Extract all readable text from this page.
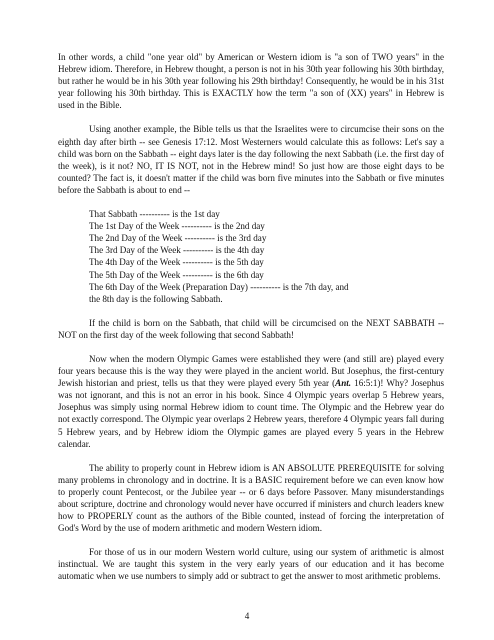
In other words, a child "one year old" by American or Western idiom is "a son of TWO years" in the Hebrew idiom. Therefore, in Hebrew thought, a person is not in his 30th year following his 30th birthday, but rather he would be in his 30th year following his 29th birthday! Consequently, he would be in his 31st year following his 30th birthday. This is EXACTLY how the term "a son of (XX) years" in Hebrew is used in the Bible.

Using another example, the Bible tells us that the Israelites were to circumcise their sons on the eighth day after birth -- see Genesis 17:12. Most Westerners would calculate this as follows: Let's say a child was born on the Sabbath -- eight days later is the day following the next Sabbath (i.e. the first day of the week), is it not? NO, IT IS NOT, not in the Hebrew mind! So just how are those eight days to be counted? The fact is, it doesn't matter if the child was born five minutes into the Sabbath or five minutes before the Sabbath is about to end --

That Sabbath ---------- is the 1st day
The 1st Day of the Week ---------- is the 2nd day
The 2nd Day of the Week ---------- is the 3rd day
The 3rd Day of the Week ---------- is the 4th day
The 4th Day of the Week ---------- is the 5th day
The 5th Day of the Week ---------- is the 6th day
The 6th Day of the Week (Preparation Day) ---------- is the 7th day, and
the 8th day is the following Sabbath.

If the child is born on the Sabbath, that child will be circumcised on the NEXT SABBATH -- NOT on the first day of the week following that second Sabbath!

Now when the modern Olympic Games were established they were (and still are) played every four years because this is the way they were played in the ancient world. But Josephus, the first-century Jewish historian and priest, tells us that they were played every 5th year (Ant. 16:5:1)! Why? Josephus was not ignorant, and this is not an error in his book. Since 4 Olympic years overlap 5 Hebrew years, Josephus was simply using normal Hebrew idiom to count time. The Olympic and the Hebrew year do not exactly correspond. The Olympic year overlaps 2 Hebrew years, therefore 4 Olympic years fall during 5 Hebrew years, and by Hebrew idiom the Olympic games are played every 5 years in the Hebrew calendar.

The ability to properly count in Hebrew idiom is AN ABSOLUTE PREREQUISITE for solving many problems in chronology and in doctrine. It is a BASIC requirement before we can even know how to properly count Pentecost, or the Jubilee year -- or 6 days before Passover. Many misunderstandings about scripture, doctrine and chronology would never have occurred if ministers and church leaders knew how to PROPERLY count as the authors of the Bible counted, instead of forcing the interpretation of God's Word by the use of modern arithmetic and modern Western idiom.

For those of us in our modern Western world culture, using our system of arithmetic is almost instinctual. We are taught this system in the very early years of our education and it has become automatic when we use numbers to simply add or subtract to get the answer to most arithmetic problems.

4
